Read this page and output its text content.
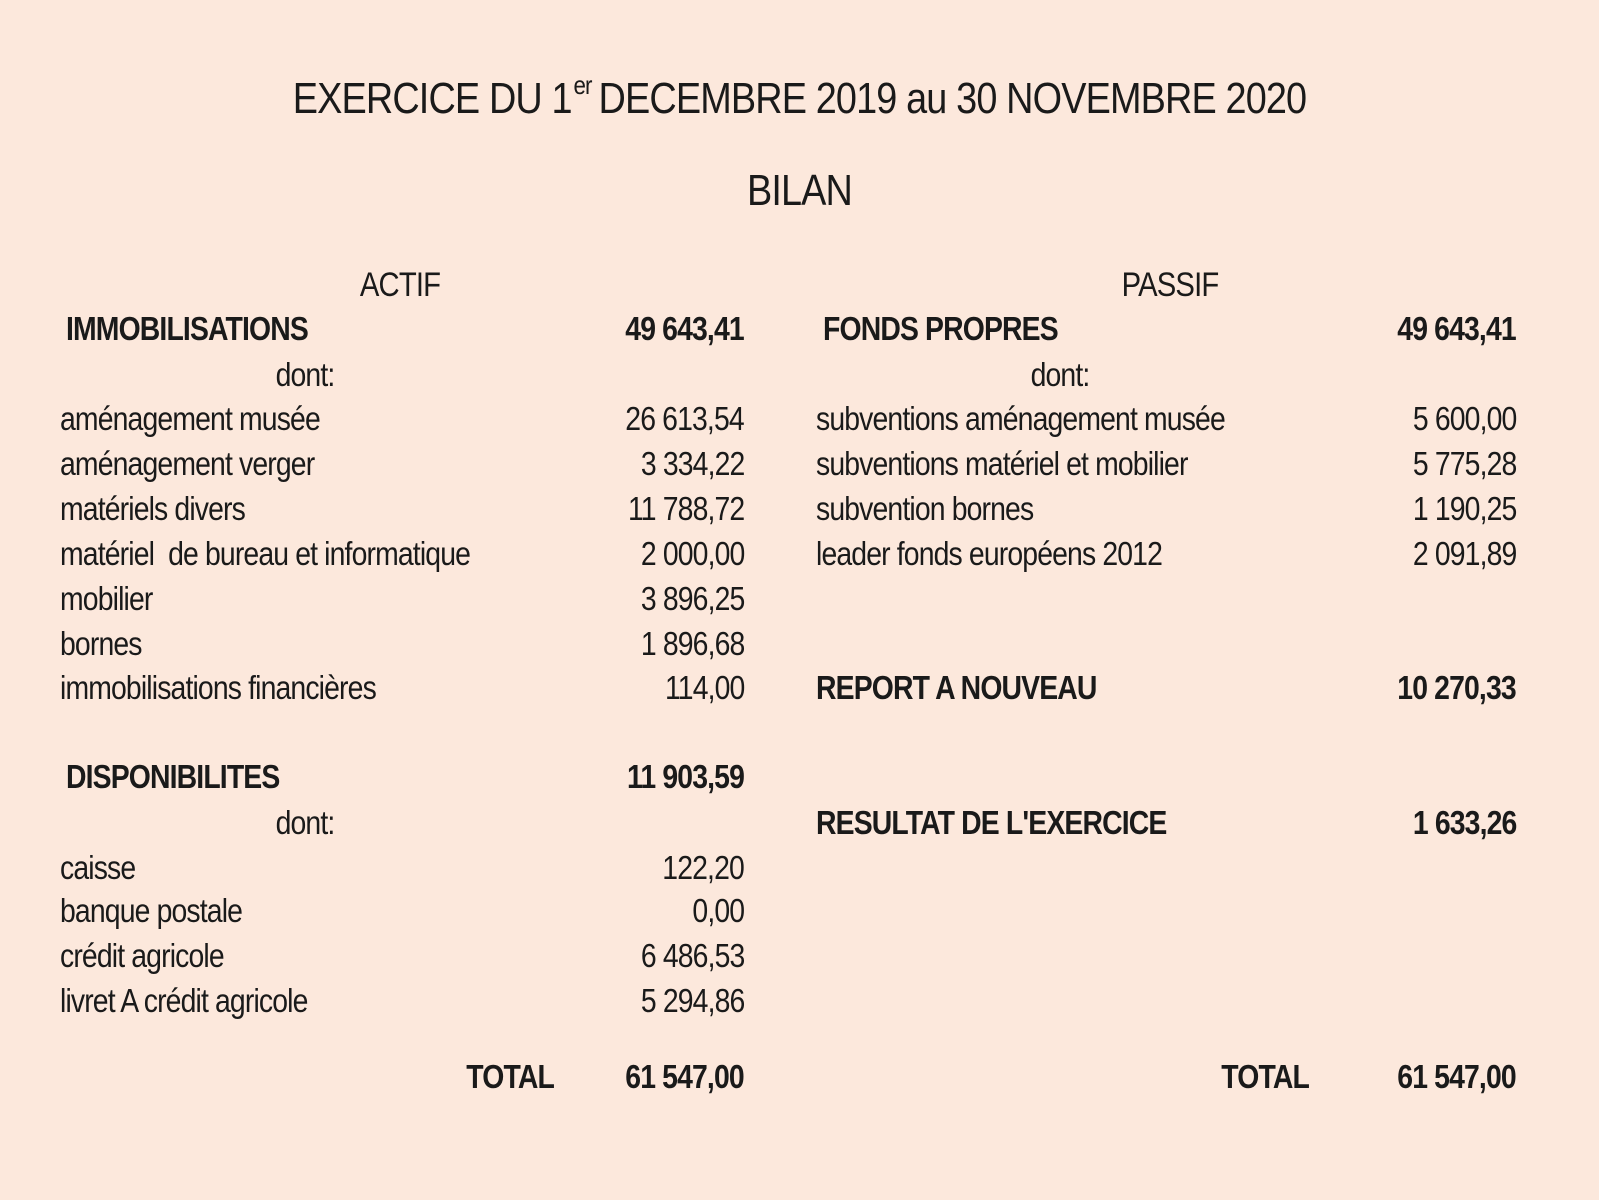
EXERCICE DU 1er DECEMBRE 2019 au 30 NOVEMBRE 2020
BILAN
ACTIF	PASSIF
IMMOBILISATIONS	49 643,41
dont:
aménagement musée	26 613,54
aménagement verger	3 334,22
matériels divers	11 788,72
matériel  de bureau et informatique	2 000,00
mobilier	3 896,25
bornes	1 896,68
immobilisations financières	114,00
DISPONIBILITES	11 903,59
dont:
caisse	122,20
banque postale	0,00
crédit agricole	6 486,53
livret A crédit agricole	5 294,86
TOTAL 61 547,00
FONDS PROPRES	49 643,41
dont:
subventions aménagement musée	5 600,00
subventions matériel et mobilier	5 775,28
subvention bornes	1 190,25
leader fonds européens 2012	2 091,89
REPORT A NOUVEAU	10 270,33
RESULTAT DE L'EXERCICE	1 633,26
TOTAL	61 547,00
